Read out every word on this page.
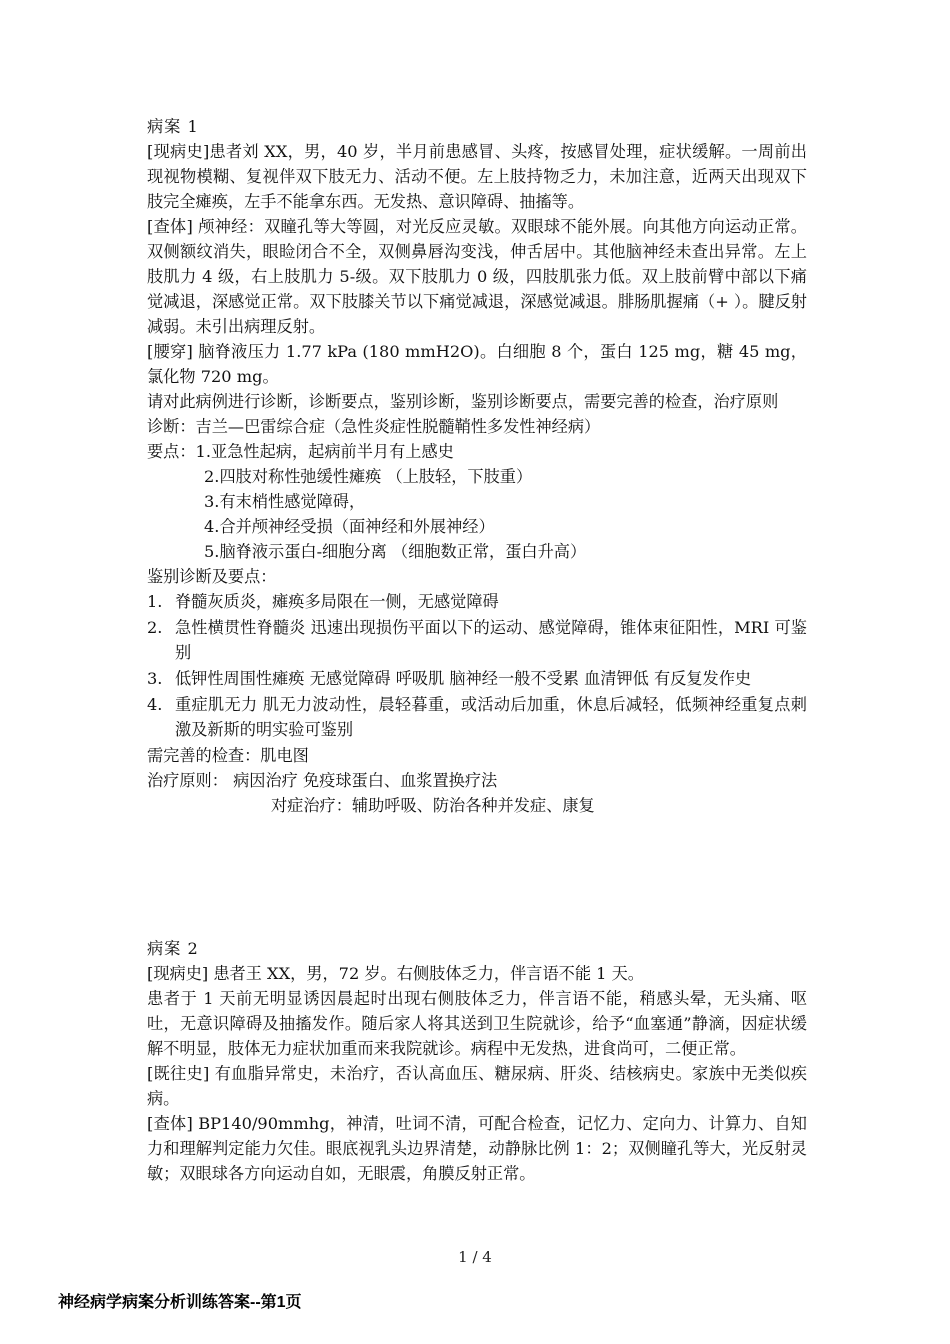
病案 1

[现病史]患者刘 XX，男，40 岁，半月前患感冒、头疼，按感冒处理，症状缓解。一周前出现视物模糊、复视伴双下肢无力、活动不便。左上肢持物乏力，未加注意，近两天出现双下肢完全瘫痪，左手不能拿东西。无发热、意识障碍、抽搐等。

[查体] 颅神经：双瞳孔等大等圆，对光反应灵敏。双眼球不能外展。向其他方向运动正常。双侧额纹消失，眼睑闭合不全，双侧鼻唇沟变浅，伸舌居中。其他脑神经未查出异常。左上肢肌力 4 级，右上肢肌力 5-级。双下肢肌力 0 级，四肢肌张力低。双上肢前臂中部以下痛觉减退，深感觉正常。双下肢膝关节以下痛觉减退，深感觉减退。腓肠肌握痛（+ ）。腱反射减弱。未引出病理反射。

[腰穿] 脑脊液压力 1.77 kPa (180 mmH2O)。白细胞 8 个，蛋白 125 mg，糖 45 mg，氯化物 720 mg。

请对此病例进行诊断，诊断要点，鉴别诊断，鉴别诊断要点，需要完善的检查，治疗原则

诊断：吉兰—巴雷综合症（急性炎症性脱髓鞘性多发性神经病）

要点：1.亚急性起病，起病前半月有上感史

2.四肢对称性弛缓性瘫痪 （上肢轻，下肢重）

3.有末梢性感觉障碍，

4.合并颅神经受损（面神经和外展神经）

5.脑脊液示蛋白-细胞分离 （细胞数正常，蛋白升高）

鉴别诊断及要点：

1. 脊髓灰质炎，瘫痪多局限在一侧，无感觉障碍
2. 急性横贯性脊髓炎 迅速出现损伤平面以下的运动、感觉障碍，锥体束征阳性，MRI 可鉴别
3. 低钾性周围性瘫痪 无感觉障碍 呼吸肌 脑神经一般不受累 血清钾低 有反复发作史
4. 重症肌无力 肌无力波动性，晨轻暮重，或活动后加重，休息后减轻，低频神经重复点刺激及新斯的明实验可鉴别

需完善的检查：肌电图

治疗原则： 病因治疗 免疫球蛋白、血浆置换疗法

对症治疗：辅助呼吸、防治各种并发症、康复

病案 2

[现病史] 患者王 XX，男，72 岁。右侧肢体乏力，伴言语不能 1 天。

患者于 1 天前无明显诱因晨起时出现右侧肢体乏力，伴言语不能，稍感头晕，无头痛、呕吐，无意识障碍及抽搐发作。随后家人将其送到卫生院就诊，给予“血塞通”静滴，因症状缓解不明显，肢体无力症状加重而来我院就诊。病程中无发热，进食尚可，二便正常。

[既往史] 有血脂异常史，未治疗，否认高血压、糖尿病、肝炎、结核病史。家族中无类似疾病。

[查体] BP140/90mmhg，神清，吐词不清，可配合检查，记忆力、定向力、计算力、自知力和理解判定能力欠佳。眼底视乳头边界清楚，动静脉比例 1：2；双侧瞳孔等大，光反射灵敏；双眼球各方向运动自如，无眼震，角膜反射正常。

1 / 4
神经病学病案分析训练答案--第1页
